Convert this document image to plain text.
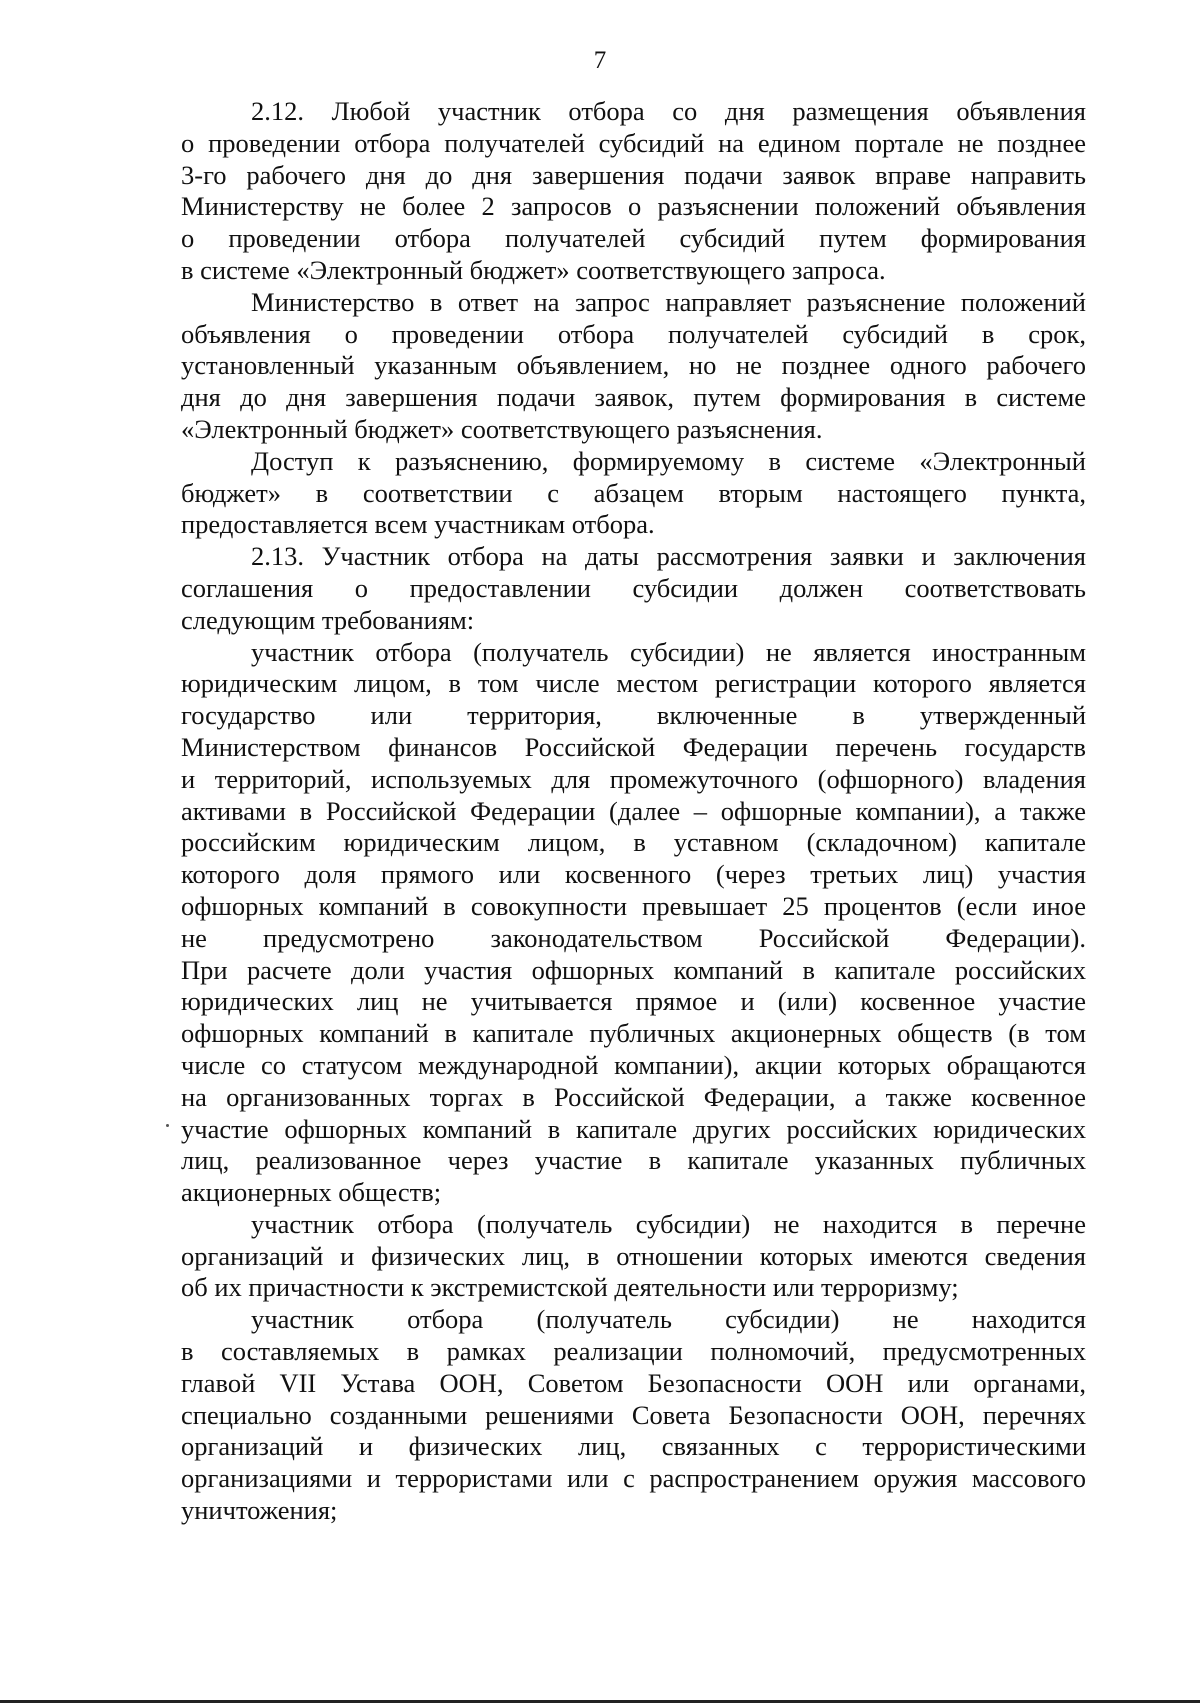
7
2.12. Любой участник отбора со дня размещения объявления
о проведении отбора получателей субсидий на едином портале не позднее
3-го рабочего дня до дня завершения подачи заявок вправе направить
Министерству не более 2 запросов о разъяснении положений объявления
о проведении отбора получателей субсидий путем формирования
в системе «Электронный бюджет» соответствующего запроса.
Министерство в ответ на запрос направляет разъяснение положений
объявления о проведении отбора получателей субсидий в срок,
установленный указанным объявлением, но не позднее одного рабочего
дня до дня завершения подачи заявок, путем формирования в системе
«Электронный бюджет» соответствующего разъяснения.
Доступ к разъяснению, формируемому в системе «Электронный
бюджет» в соответствии с абзацем вторым настоящего пункта,
предоставляется всем участникам отбора.
2.13. Участник отбора на даты рассмотрения заявки и заключения
соглашения о предоставлении субсидии должен соответствовать
следующим требованиям:
участник отбора (получатель субсидии) не является иностранным
юридическим лицом, в том числе местом регистрации которого является
государство или территория, включенные в утвержденный
Министерством финансов Российской Федерации перечень государств
и территорий, используемых для промежуточного (офшорного) владения
активами в Российской Федерации (далее – офшорные компании), а также
российским юридическим лицом, в уставном (складочном) капитале
которого доля прямого или косвенного (через третьих лиц) участия
офшорных компаний в совокупности превышает 25 процентов (если иное
не предусмотрено законодательством Российской Федерации).
При расчете доли участия офшорных компаний в капитале российских
юридических лиц не учитывается прямое и (или) косвенное участие
офшорных компаний в капитале публичных акционерных обществ (в том
числе со статусом международной компании), акции которых обращаются
на организованных торгах в Российской Федерации, а также косвенное
участие офшорных компаний в капитале других российских юридических
лиц, реализованное через участие в капитале указанных публичных
акционерных обществ;
участник отбора (получатель субсидии) не находится в перечне
организаций и физических лиц, в отношении которых имеются сведения
об их причастности к экстремистской деятельности или терроризму;
участник отбора (получатель субсидии) не находится
в составляемых в рамках реализации полномочий, предусмотренных
главой VII Устава ООН, Советом Безопасности ООН или органами,
специально созданными решениями Совета Безопасности ООН, перечнях
организаций и физических лиц, связанных с террористическими
организациями и террористами или с распространением оружия массового
уничтожения;
